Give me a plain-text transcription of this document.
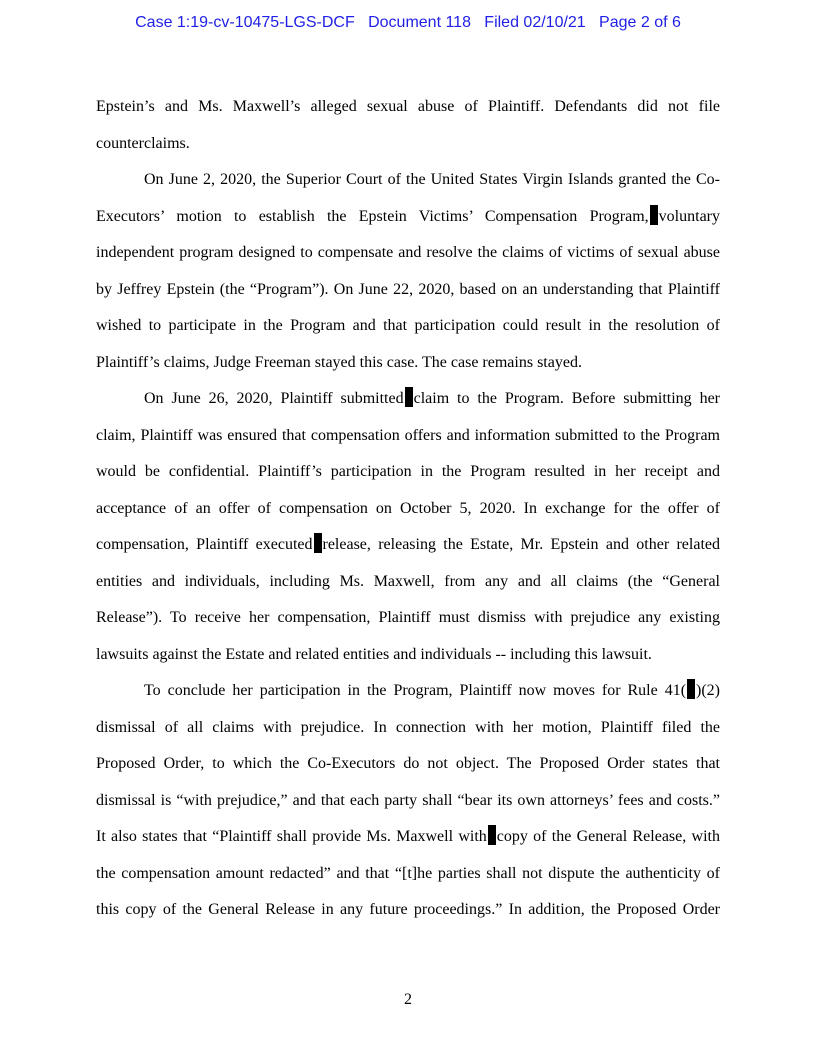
Case 1:19-cv-10475-LGS-DCF   Document 118   Filed 02/10/21   Page 2 of 6
Epstein’s and Ms. Maxwell’s alleged sexual abuse of Plaintiff. Defendants did not file
counterclaims.
On June 2, 2020, the Superior Court of the United States Virgin Islands granted the Co-
Executors’ motion to establish the Epstein Victims’ Compensation Program, voluntary
independent program designed to compensate and resolve the claims of victims of sexual abuse
by Jeffrey Epstein (the “Program”). On June 22, 2020, based on an understanding that Plaintiff
wished to participate in the Program and that participation could result in the resolution of
Plaintiff’s claims, Judge Freeman stayed this case. The case remains stayed.
On June 26, 2020, Plaintiff submitted claim to the Program. Before submitting her
claim, Plaintiff was ensured that compensation offers and information submitted to the Program
would be confidential. Plaintiff’s participation in the Program resulted in her receipt and
acceptance of an offer of compensation on October 5, 2020. In exchange for the offer of
compensation, Plaintiff executed release, releasing the Estate, Mr. Epstein and other related
entities and individuals, including Ms. Maxwell, from any and all claims (the “General
Release”). To receive her compensation, Plaintiff must dismiss with prejudice any existing
lawsuits against the Estate and related entities and individuals -- including this lawsuit.
To conclude her participation in the Program, Plaintiff now moves for Rule 41( )(2)
dismissal of all claims with prejudice. In connection with her motion, Plaintiff filed the
Proposed Order, to which the Co-Executors do not object. The Proposed Order states that
dismissal is “with prejudice,” and that each party shall “bear its own attorneys’ fees and costs.”
It also states that “Plaintiff shall provide Ms. Maxwell with copy of the General Release, with
the compensation amount redacted” and that “[t]he parties shall not dispute the authenticity of
this copy of the General Release in any future proceedings.” In addition, the Proposed Order
2
